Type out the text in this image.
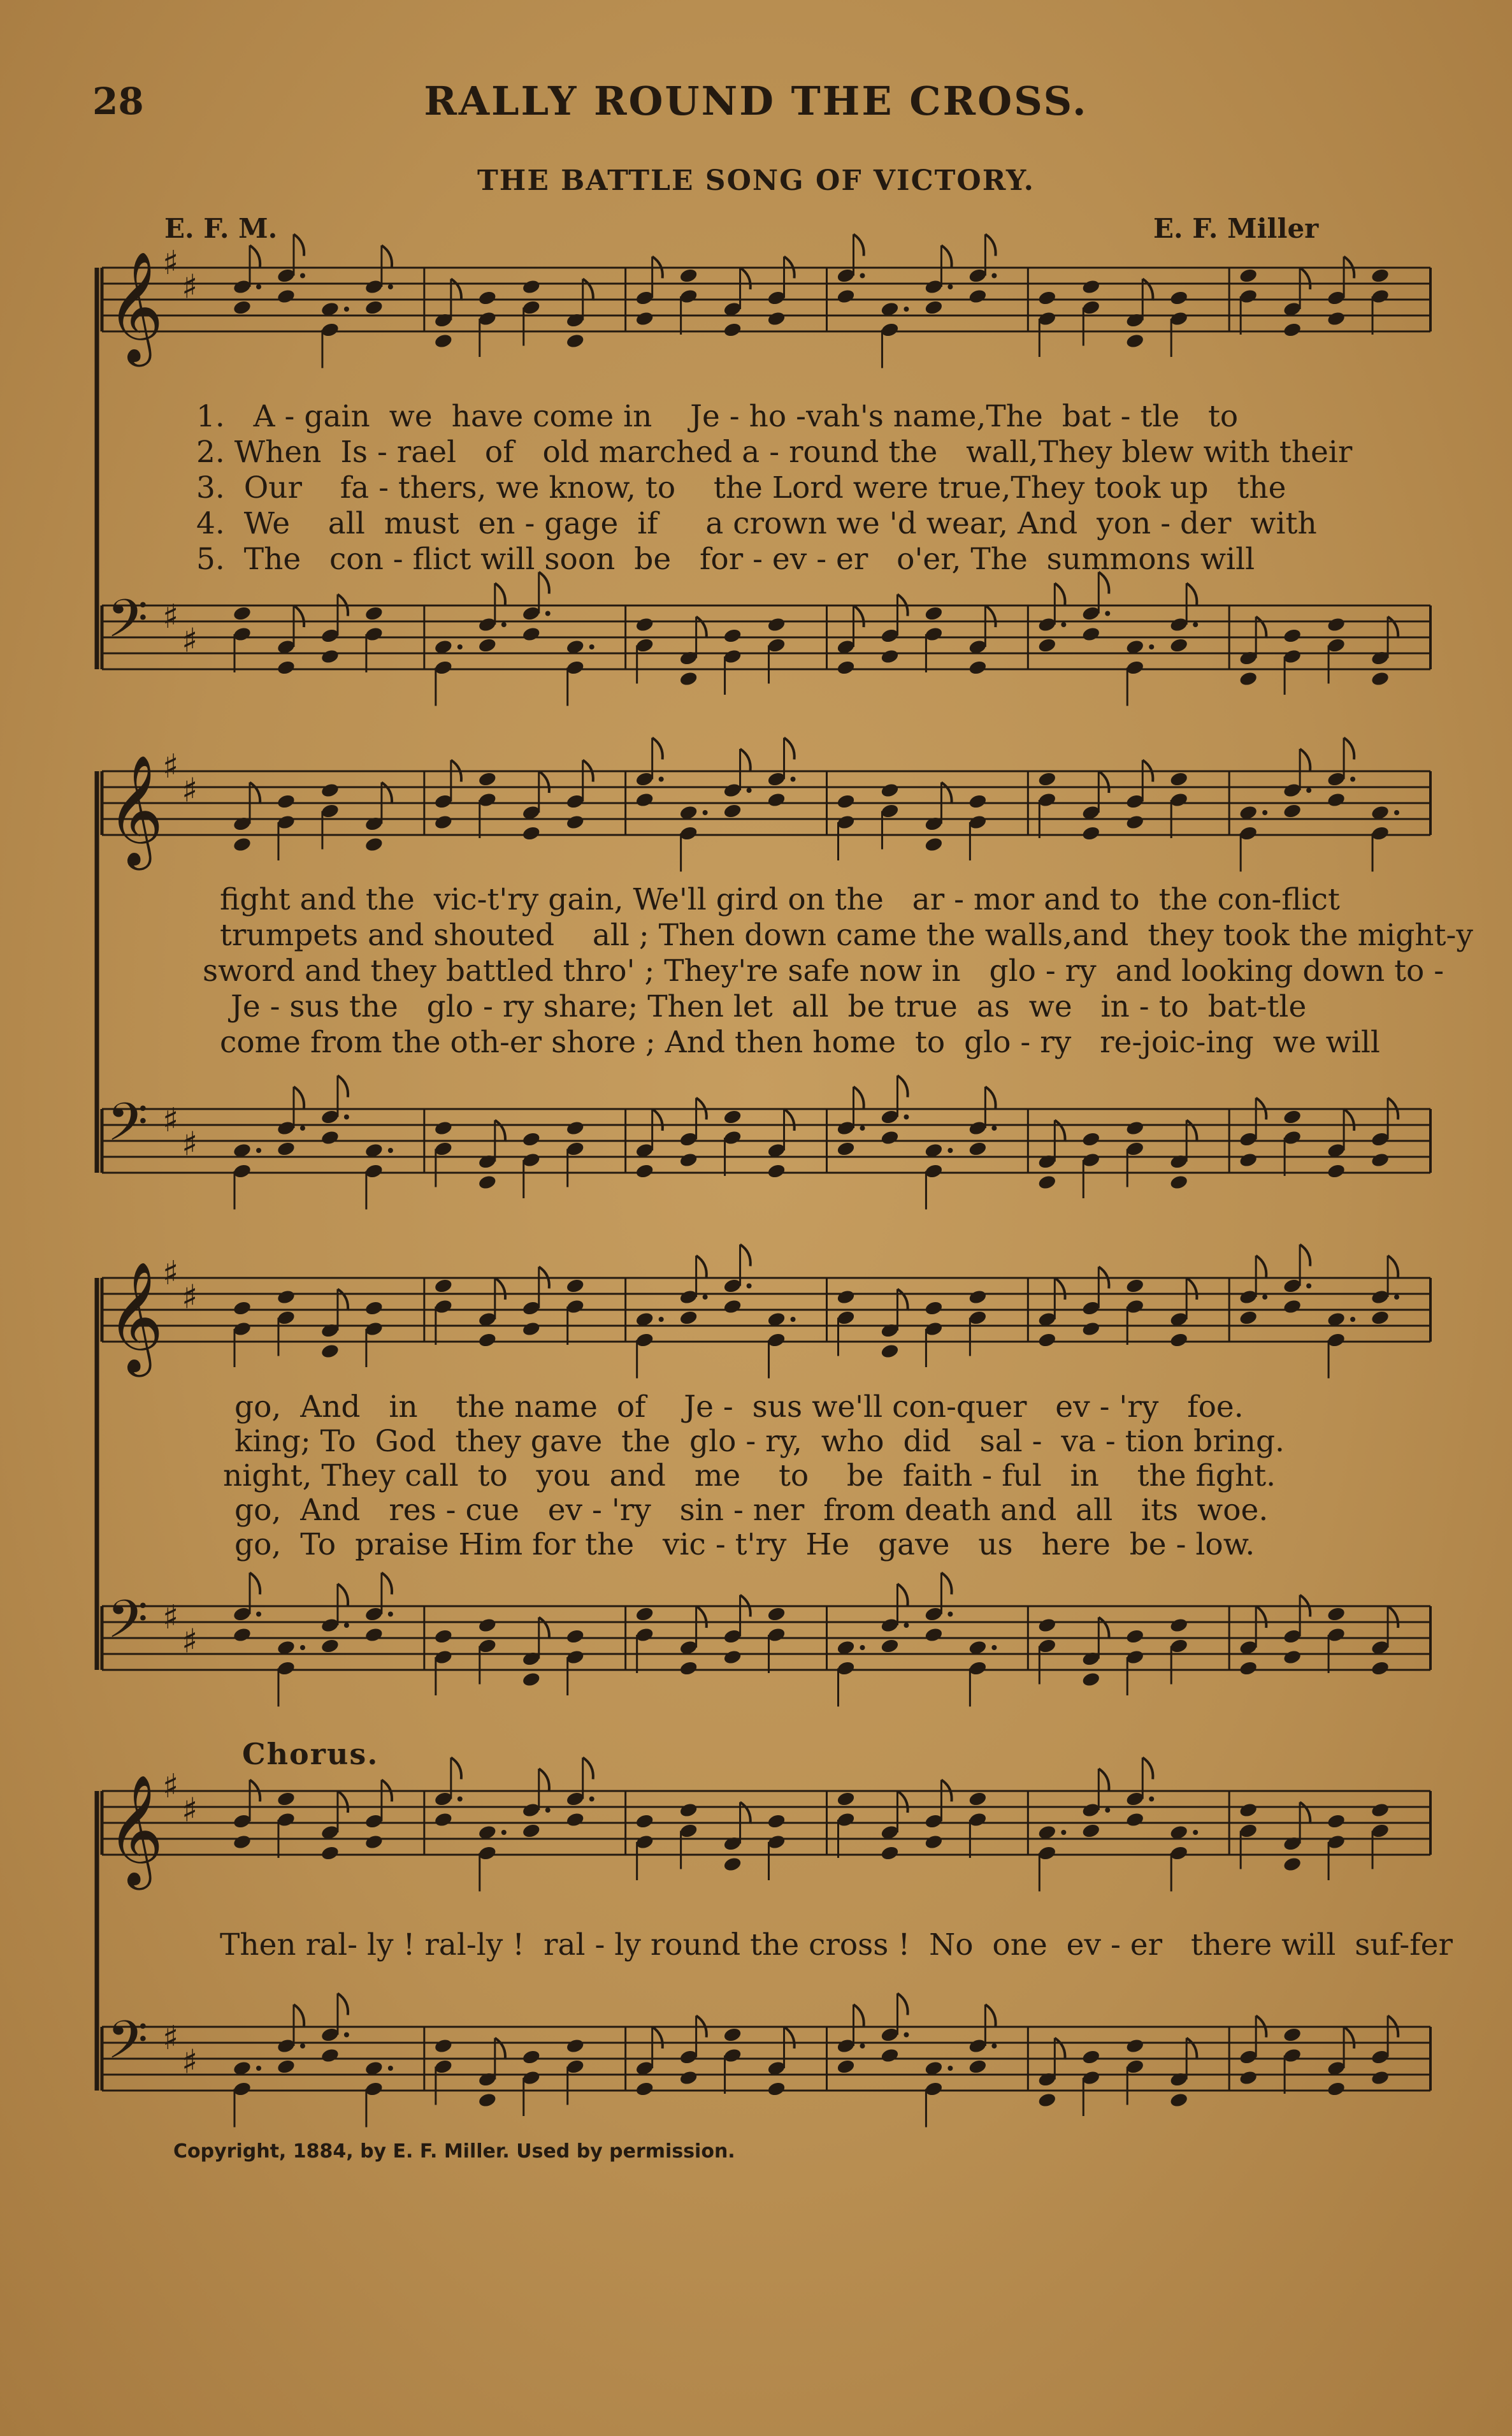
28	RALLY ROUND THE CROSS.
THE BATTLE SONG OF VICTORY.
E. F. M.	E. F. Miller
𝄞
♯
♯
𝄢 ♯
♯
𝄞
♯
♯
𝄢 ♯
♯
𝄞
♯
♯
𝄢 ♯
♯
𝄞
♯
♯
𝄢 ♯
♯
1.   A - gain  we  have come in    Je - ho -vah's name,The  bat - tle   to
2. When  Is - rael   of   old marched a - round the   wall,They blew with their
3.  Our    fa - thers, we know, to    the Lord were true,They took up   the
4.  We    all  must  en - gage  if     a crown we 'd wear, And  yon - der  with
5.  The   con - flict will soon  be   for - ev - er   o'er, The  summons will
fight and the  vic-t'ry gain, We'll gird on the   ar - mor and to  the con-flict
trumpets and shouted    all ; Then down came the walls,and  they took the might-y
sword and they battled thro' ; They're safe now in   glo - ry  and looking down to -
Je - sus the   glo - ry share; Then let  all  be true  as  we   in - to  bat-tle
come from the oth-er shore ; And then home  to  glo - ry   re-joic-ing  we will
go,  And   in    the name  of    Je -  sus we'll con-quer   ev - 'ry   foe.
king; To  God  they gave  the  glo - ry,  who  did   sal -  va - tion bring.
night, They call  to   you  and   me    to    be  faith - ful   in    the fight.
go,  And   res - cue   ev - 'ry   sin - ner  from death and  all   its  woe.
go,  To  praise Him for the   vic - t'ry  He   gave   us   here  be - low.
Chorus.
Then ral- ly ! ral-ly !  ral - ly round the cross !  No  one  ev - er   there will  suf-fer
Copyright, 1884, by E. F. Miller. Used by permission.
